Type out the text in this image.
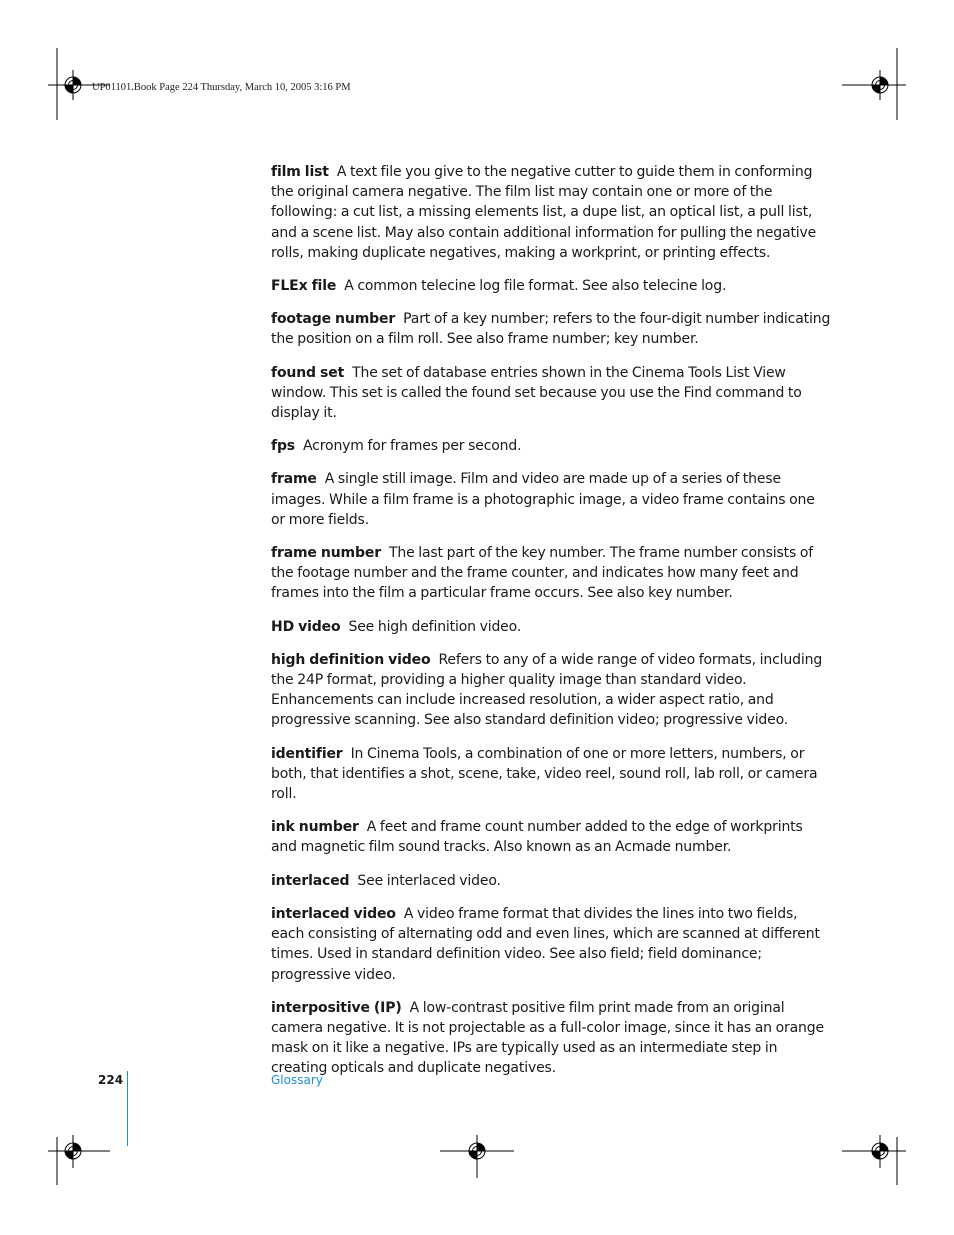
UP01101.Book Page 224 Thursday, March 10, 2005 3:16 PM

film list A text file you give to the negative cutter to guide them in conforming the original camera negative. The film list may contain one or more of the following: a cut list, a missing elements list, a dupe list, an optical list, a pull list, and a scene list. May also contain additional information for pulling the negative rolls, making duplicate negatives, making a workprint, or printing effects.

FLEx file A common telecine log file format. See also telecine log.

footage number Part of a key number; refers to the four-digit number indicating the position on a film roll. See also frame number; key number.

found set The set of database entries shown in the Cinema Tools List View window. This set is called the found set because you use the Find command to display it.

fps Acronym for frames per second.

frame A single still image. Film and video are made up of a series of these images. While a film frame is a photographic image, a video frame contains one or more fields.

frame number The last part of the key number. The frame number consists of the footage number and the frame counter, and indicates how many feet and frames into the film a particular frame occurs. See also key number.

HD video See high definition video.

high definition video Refers to any of a wide range of video formats, including the 24P format, providing a higher quality image than standard video. Enhancements can include increased resolution, a wider aspect ratio, and progressive scanning. See also standard definition video; progressive video.

identifier In Cinema Tools, a combination of one or more letters, numbers, or both, that identifies a shot, scene, take, video reel, sound roll, lab roll, or camera roll.

ink number A feet and frame count number added to the edge of workprints and magnetic film sound tracks. Also known as an Acmade number.

interlaced See interlaced video.

interlaced video A video frame format that divides the lines into two fields, each consisting of alternating odd and even lines, which are scanned at different times. Used in standard definition video. See also field; field dominance; progressive video.

interpositive (IP) A low-contrast positive film print made from an original camera negative. It is not projectable as a full-color image, since it has an orange mask on it like a negative. IPs are typically used as an intermediate step in creating opticals and duplicate negatives.

224	Glossary
